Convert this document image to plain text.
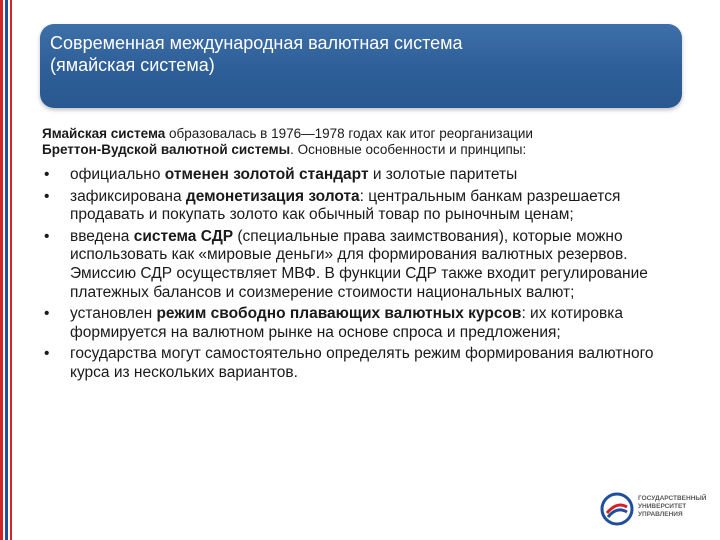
Современная международная валютная система
(ямайская система)

Ямайская система образовалась в 1976—1978 годах как итог реорганизации
Бреттон-Вудской валютной системы. Основные особенности и принципы:

• официально отменен золотой стандарт и золотые паритеты
• зафиксирована демонетизация золота: центральным банкам разрешается продавать и покупать золото как обычный товар по рыночным ценам;
• введена система СДР (специальные права заимствования), которые можно использовать как «мировые деньги» для формирования валютных резервов. Эмиссию СДР осуществляет МВФ. В функции СДР также входит регулирование платежных балансов и соизмерение стоимости национальных валют;
• установлен режим свободно плавающих валютных курсов: их котировка формируется на валютном рынке на основе спроса и предложения;
• государства могут самостоятельно определять режим формирования валютного курса из нескольких вариантов.
ГОСУДАРСТВЕННЫЙ
УНИВЕРСИТЕТ
УПРАВЛЕНИЯ
